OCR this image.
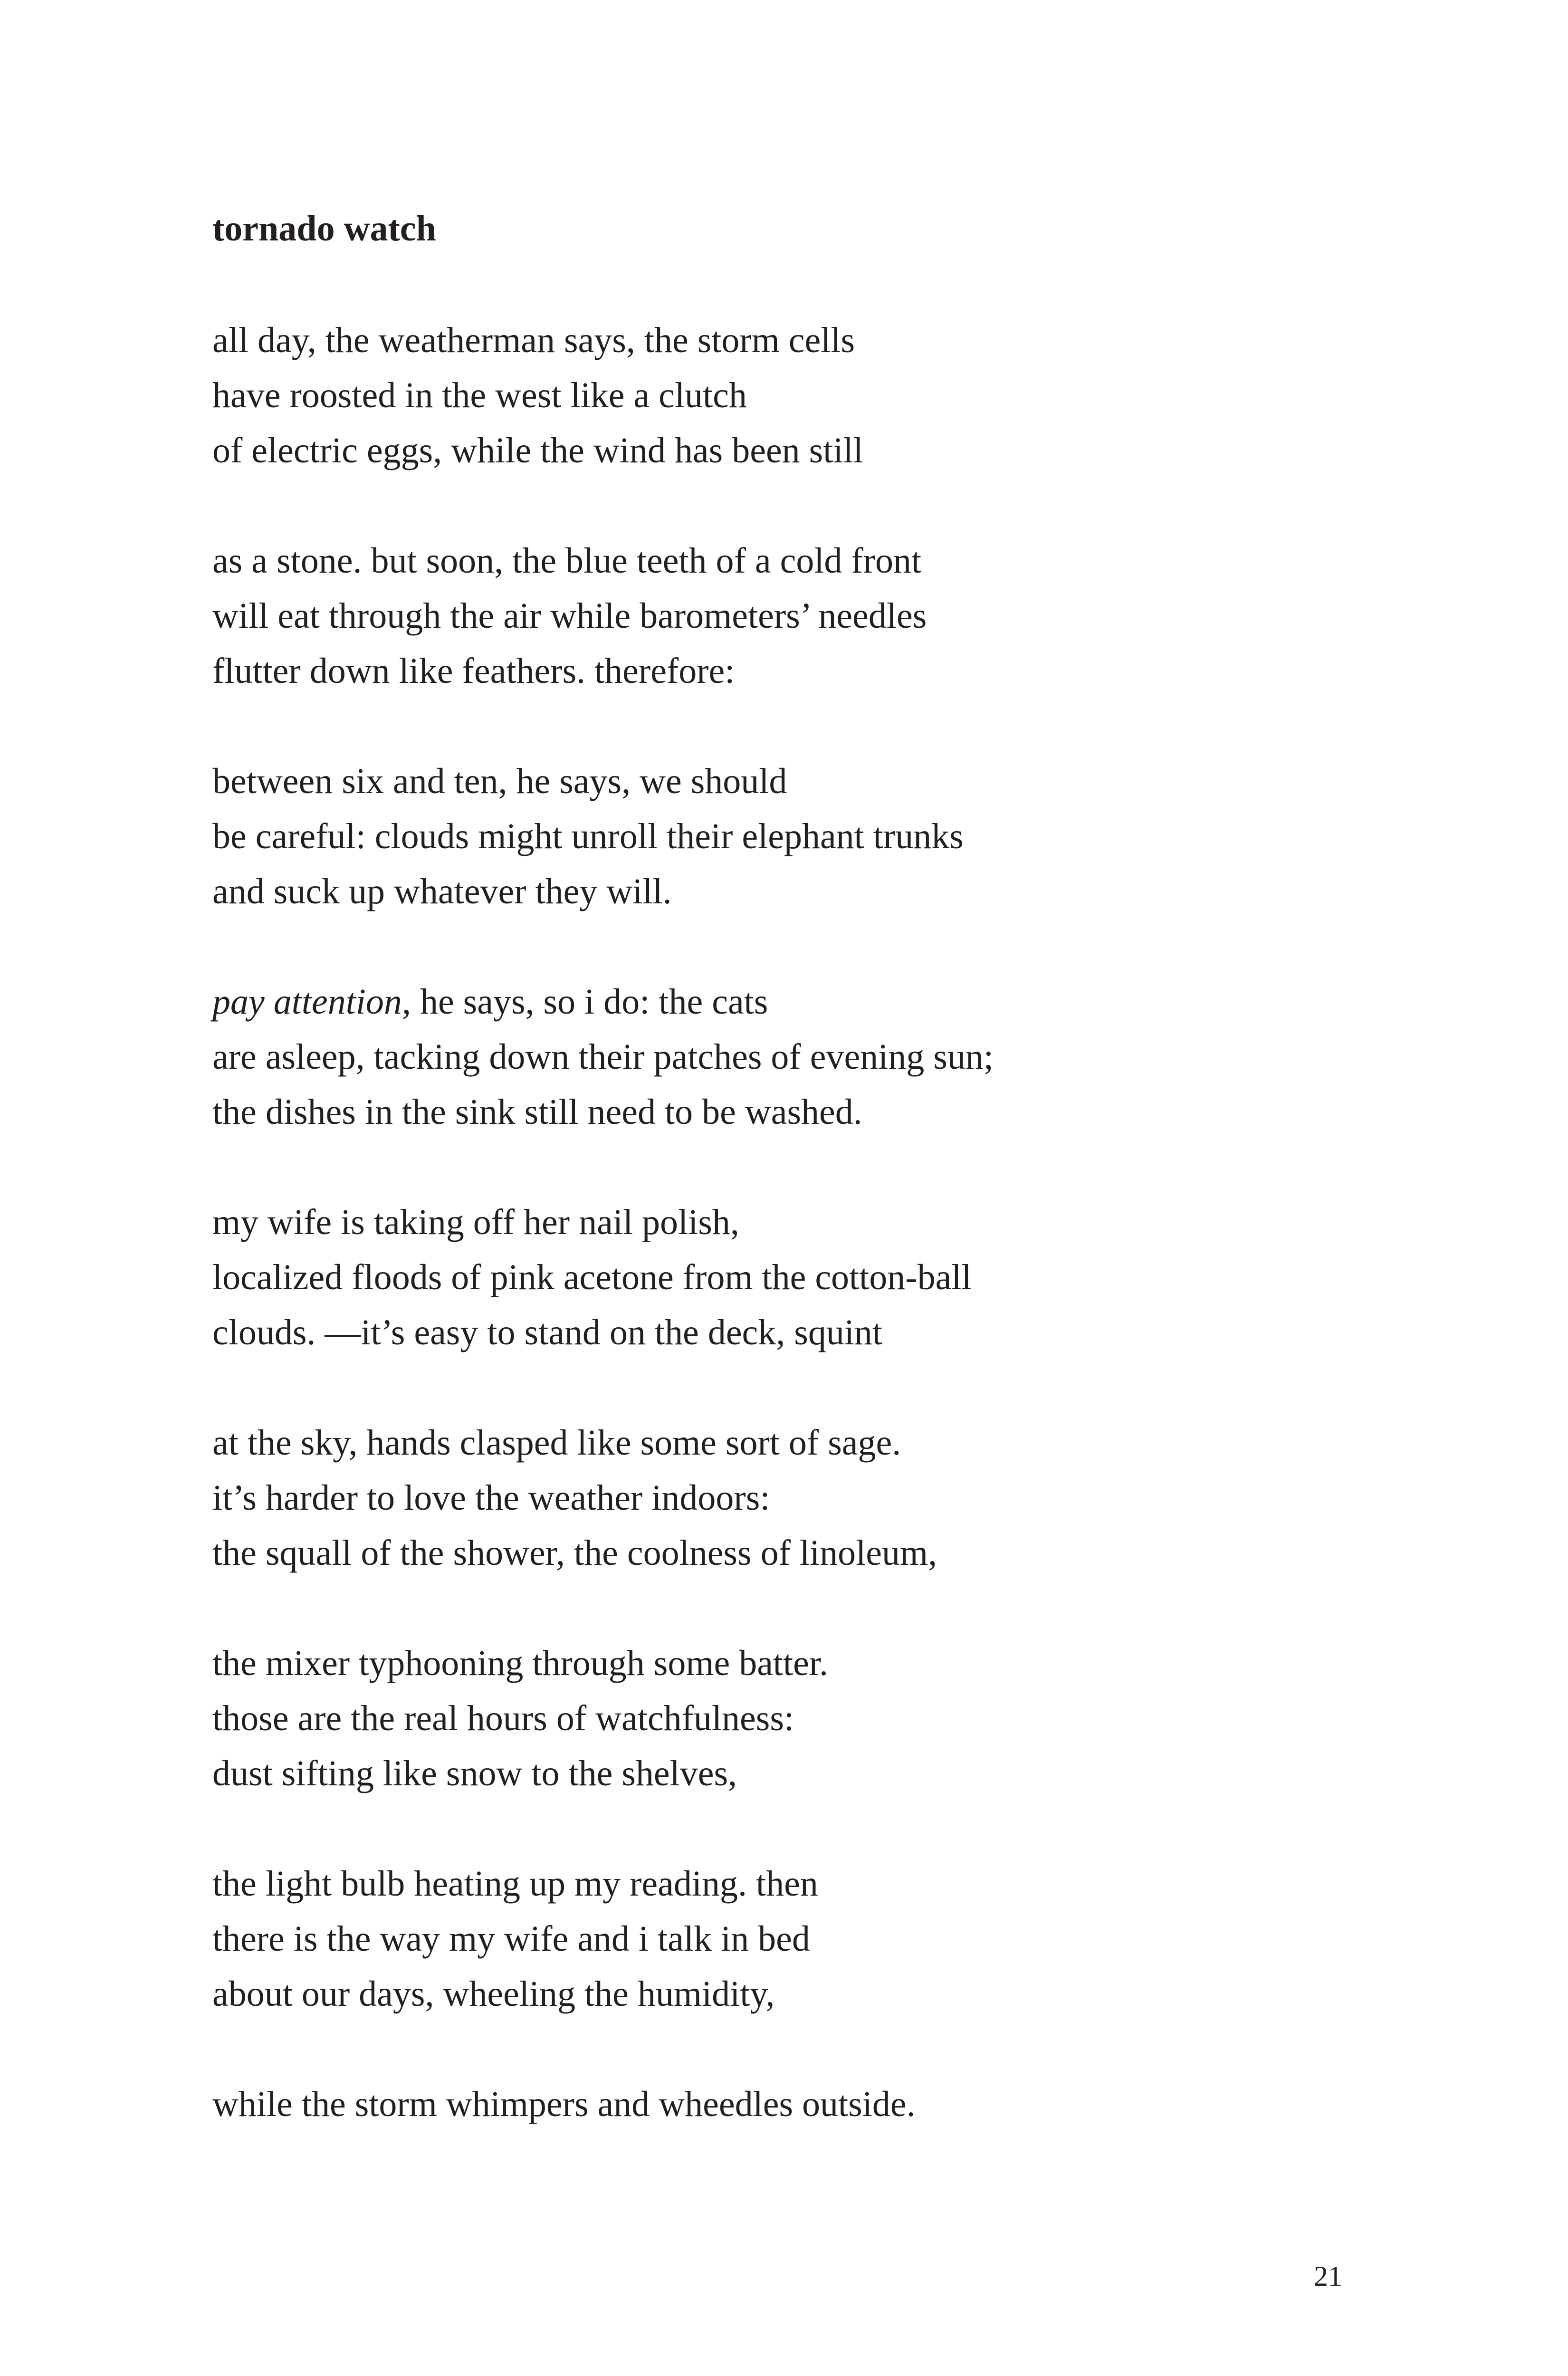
tornado watch
all day, the weatherman says, the storm cells
have roosted in the west like a clutch
of electric eggs, while the wind has been still
as a stone. but soon, the blue teeth of a cold front
will eat through the air while barometers’ needles
flutter down like feathers. therefore:
between six and ten, he says, we should
be careful: clouds might unroll their elephant trunks
and suck up whatever they will.
pay attention, he says, so i do: the cats
are asleep, tacking down their patches of evening sun;
the dishes in the sink still need to be washed.
my wife is taking off her nail polish,
localized floods of pink acetone from the cotton-ball
clouds. —it’s easy to stand on the deck, squint
at the sky, hands clasped like some sort of sage.
it’s harder to love the weather indoors:
the squall of the shower, the coolness of linoleum,
the mixer typhooning through some batter.
those are the real hours of watchfulness:
dust sifting like snow to the shelves,
the light bulb heating up my reading. then
there is the way my wife and i talk in bed
about our days, wheeling the humidity,
while the storm whimpers and wheedles outside.
21
